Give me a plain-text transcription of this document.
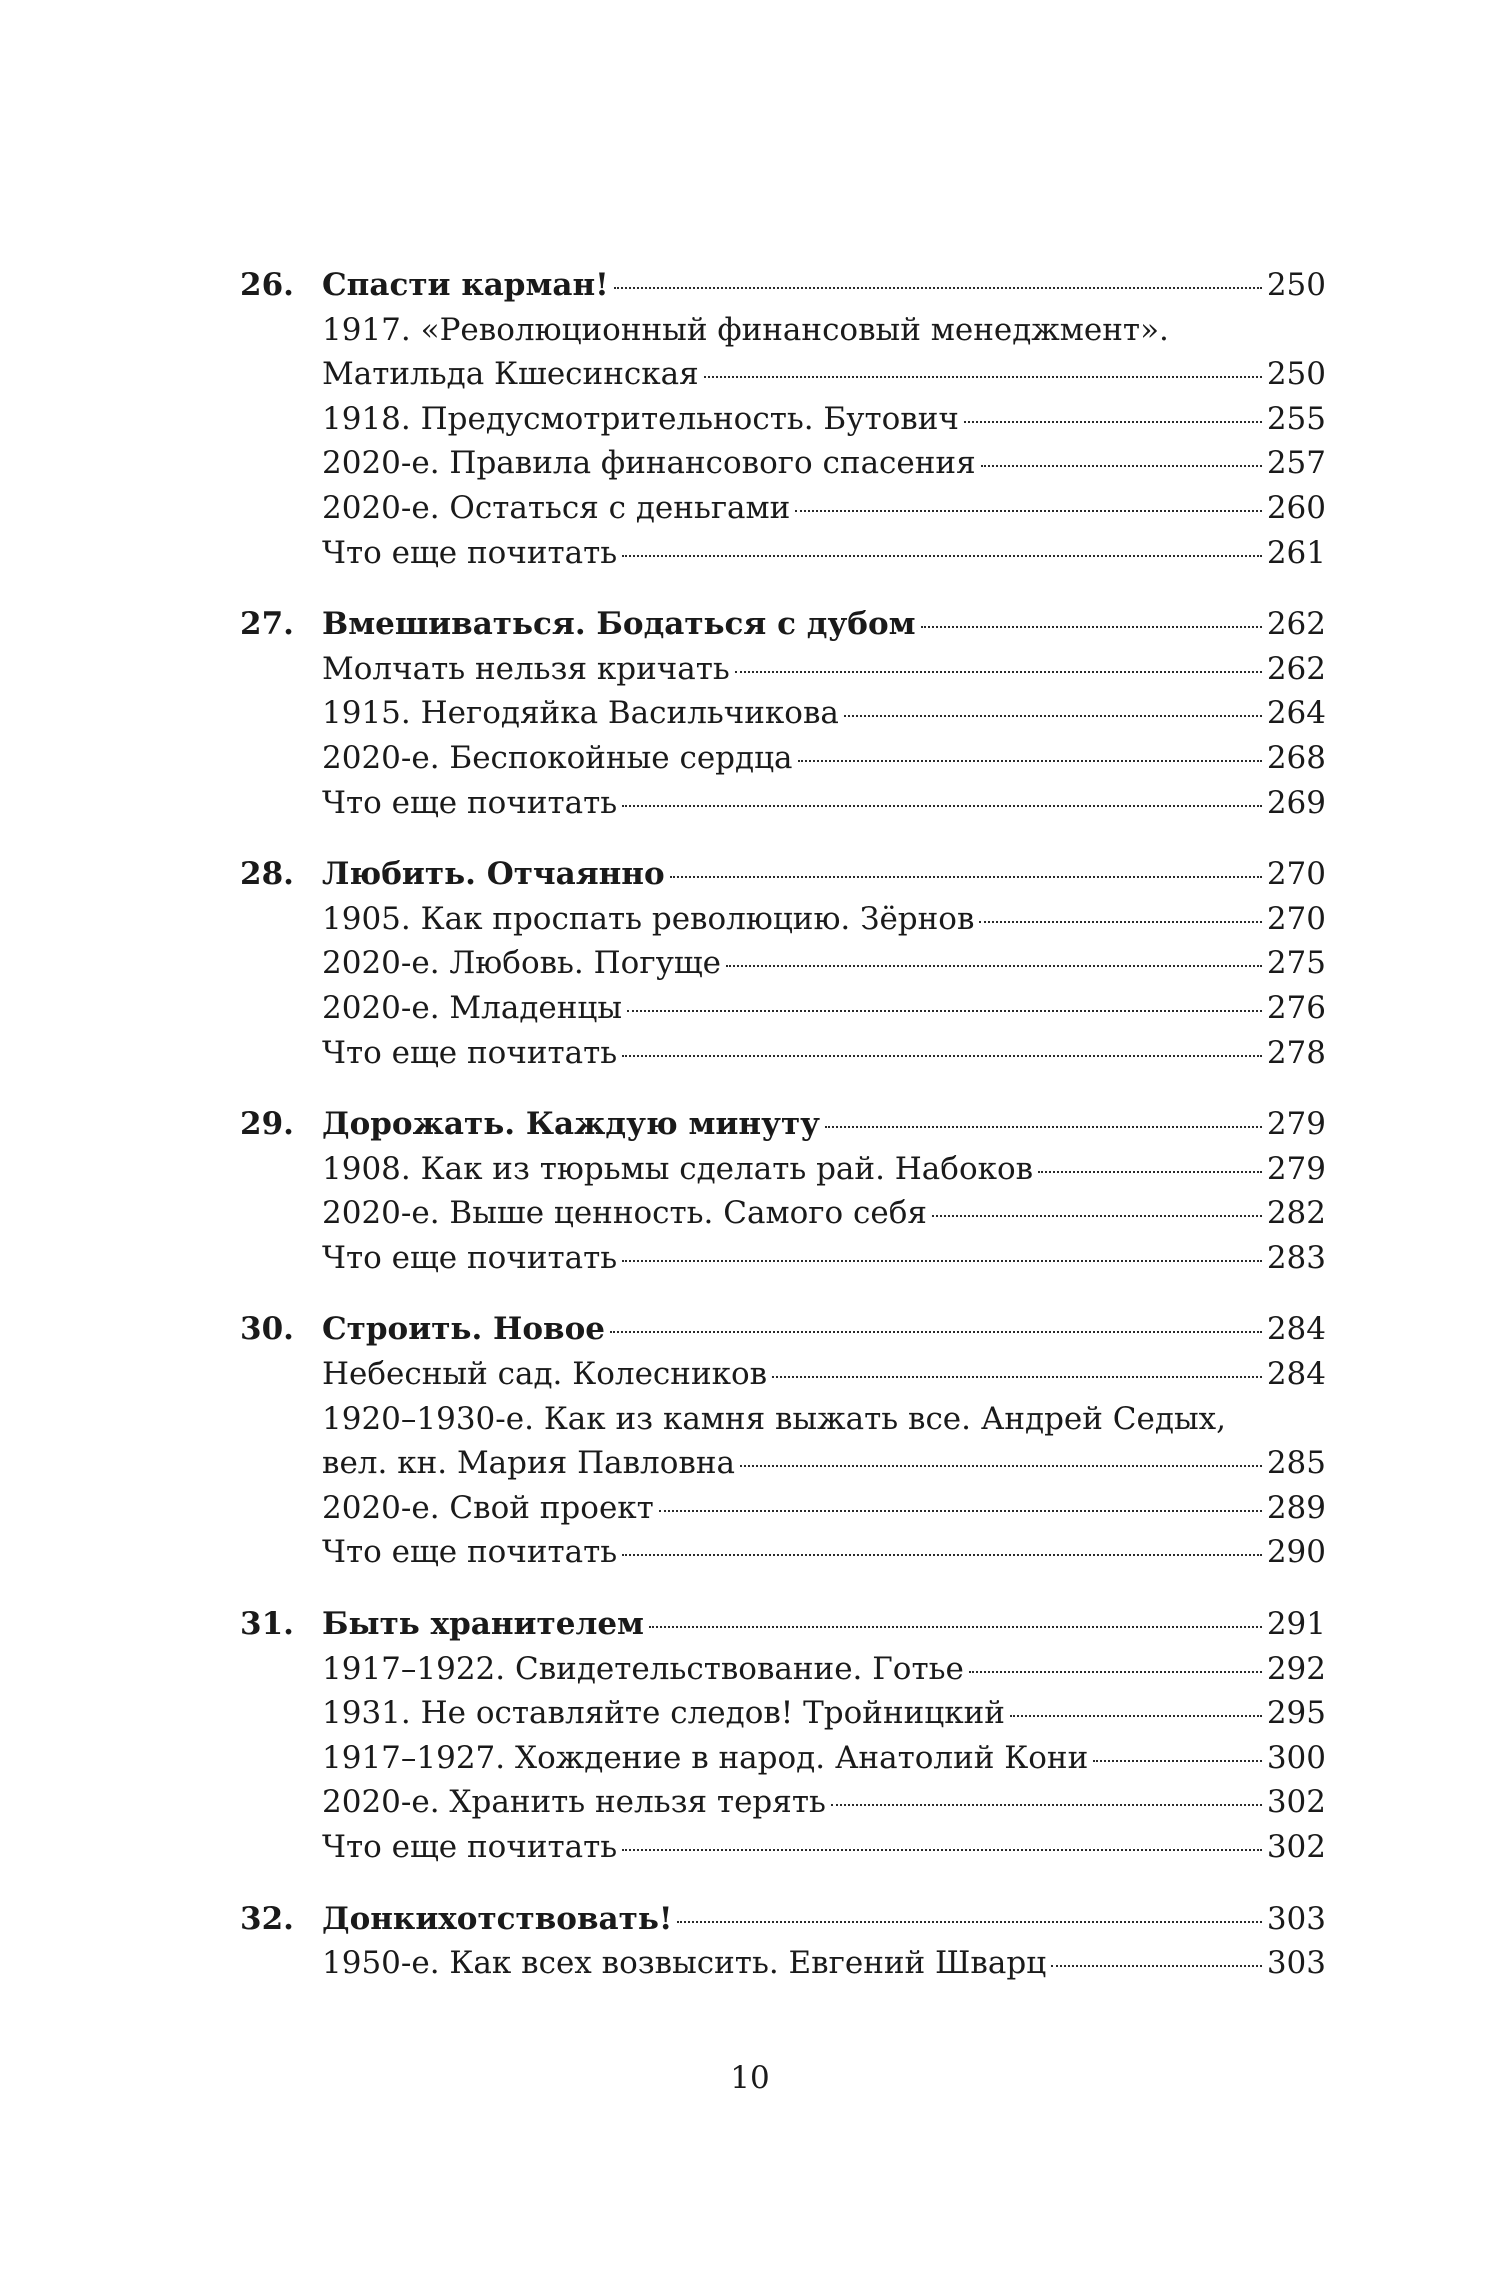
26. Спасти карман!	250
1917. «Революционный финансовый менеджмент».
Матильда Кшесинская	250
1918. Предусмотрительность. Бутович	255
2020-е. Правила финансового спасения	257
2020-е. Остаться с деньгами	260
Что еще почитать	261
27. Вмешиваться. Бодаться с дубом	262
Молчать нельзя кричать	262
1915. Негодяйка Васильчикова	264
2020-е. Беспокойные сердца	268
Что еще почитать	269
28. Любить. Отчаянно	270
1905. Как проспать революцию. Зёрнов	270
2020-е. Любовь. Погуще	275
2020-е. Младенцы	276
Что еще почитать	278
29. Дорожать. Каждую минуту	279
1908. Как из тюрьмы сделать рай. Набоков	279
2020-е. Выше ценность. Самого себя	282
Что еще почитать	283
30. Строить. Новое	284
Небесный сад. Колесников	284
1920–1930-е. Как из камня выжать все. Андрей Седых,
вел. кн. Мария Павловна	285
2020-е. Свой проект	289
Что еще почитать	290
31. Быть хранителем	291
1917–1922. Свидетельствование. Готье	292
1931. Не оставляйте следов! Тройницкий	295
1917–1927. Хождение в народ. Анатолий Кони	300
2020-е. Хранить нельзя терять	302
Что еще почитать	302
32. Донкихотствовать!	303
1950-е. Как всех возвысить. Евгений Шварц	303
10
